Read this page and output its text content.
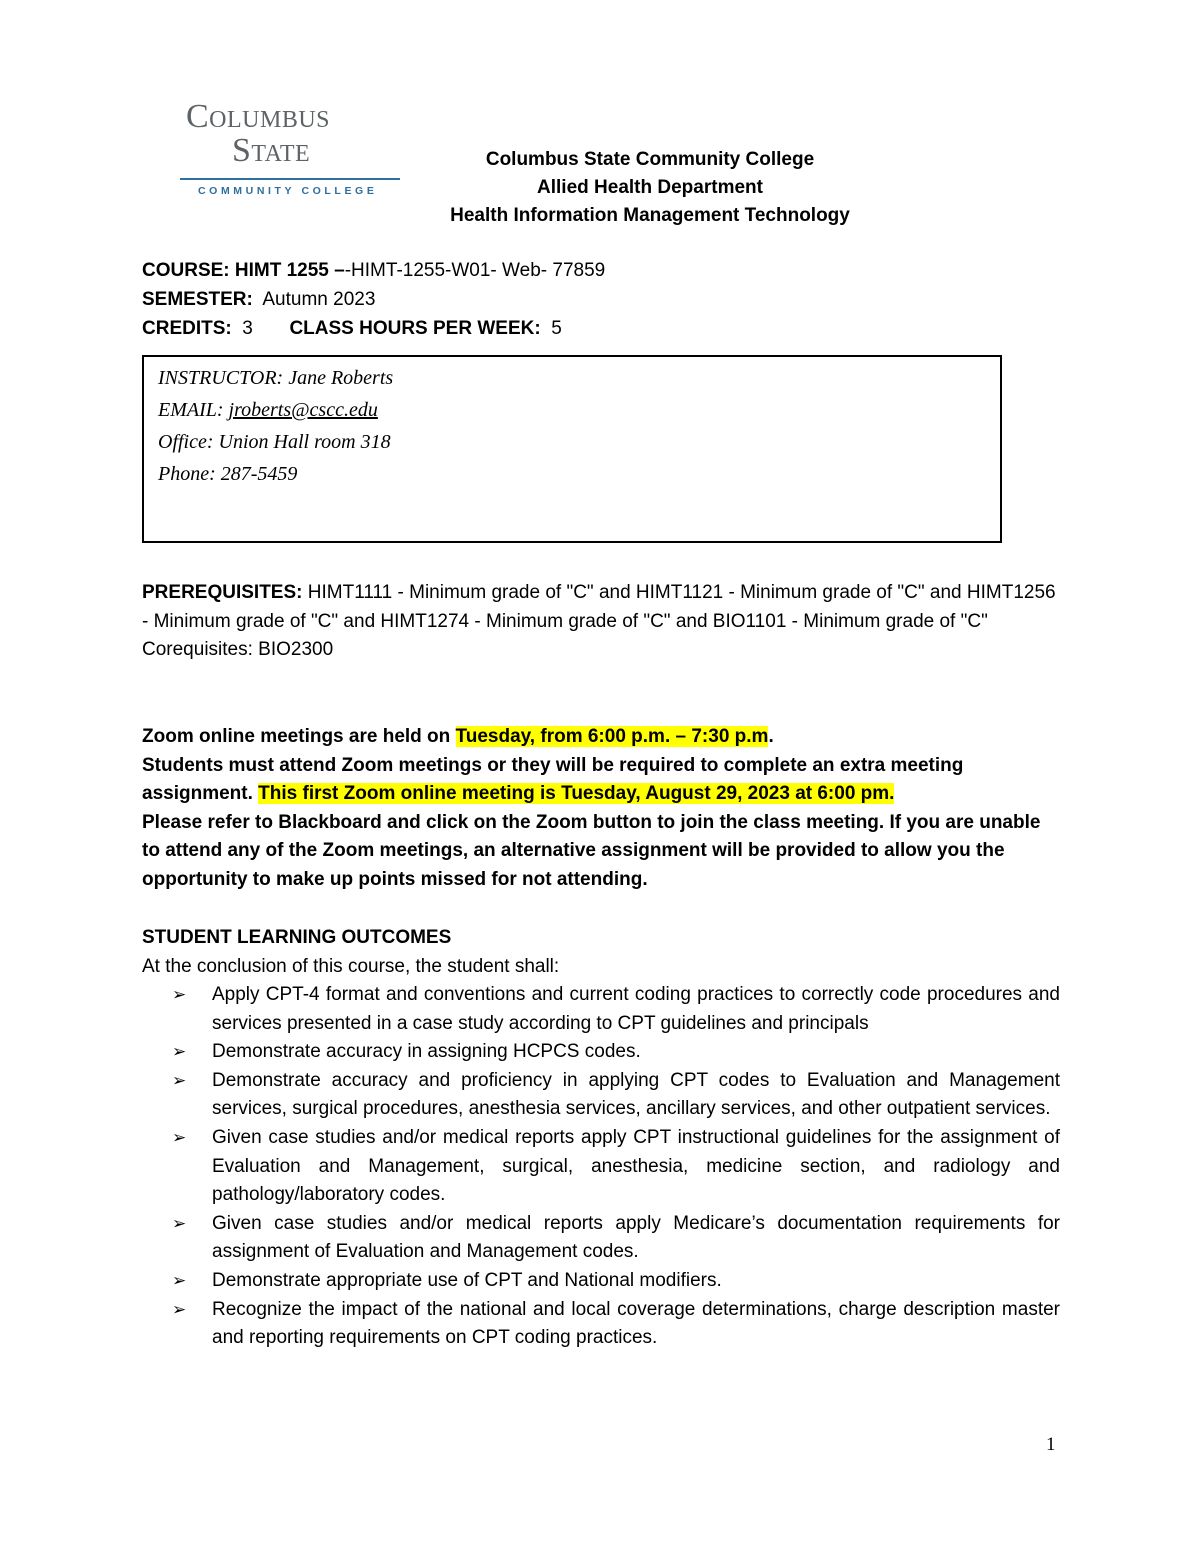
Columbus
State
COMMUNITY COLLEGE
Columbus State Community College
Allied Health Department
Health Information Management Technology
COURSE: HIMT 1255 –-HIMT-1255-W01- Web- 77859
SEMESTER: Autumn 2023
CREDITS: 3 CLASS HOURS PER WEEK: 5
INSTRUCTOR: Jane Roberts
EMAIL: jroberts@cscc.edu
Office: Union Hall room 318
Phone: 287-5459
PREREQUISITES: HIMT1111 - Minimum grade of "C" and HIMT1121 - Minimum grade of "C" and HIMT1256 - Minimum grade of "C" and HIMT1274 - Minimum grade of "C" and BIO1101 - Minimum grade of "C"
Corequisites: BIO2300
Zoom online meetings are held on Tuesday, from 6:00 p.m. – 7:30 p.m.
Students must attend Zoom meetings or they will be required to complete an extra meeting assignment. This first Zoom online meeting is Tuesday, August 29, 2023 at 6:00 pm.
Please refer to Blackboard and click on the Zoom button to join the class meeting. If you are unable to attend any of the Zoom meetings, an alternative assignment will be provided to allow you the opportunity to make up points missed for not attending.
STUDENT LEARNING OUTCOMES
At the conclusion of this course, the student shall:
➢ Apply CPT-4 format and conventions and current coding practices to correctly code procedures and services presented in a case study according to CPT guidelines and principals
➢ Demonstrate accuracy in assigning HCPCS codes.
➢ Demonstrate accuracy and proficiency in applying CPT codes to Evaluation and Management services, surgical procedures, anesthesia services, ancillary services, and other outpatient services.
➢ Given case studies and/or medical reports apply CPT instructional guidelines for the assignment of Evaluation and Management, surgical, anesthesia, medicine section, and radiology and pathology/laboratory codes.
➢ Given case studies and/or medical reports apply Medicare’s documentation requirements for assignment of Evaluation and Management codes.
➢ Demonstrate appropriate use of CPT and National modifiers.
➢ Recognize the impact of the national and local coverage determinations, charge description master and reporting requirements on CPT coding practices.
1
